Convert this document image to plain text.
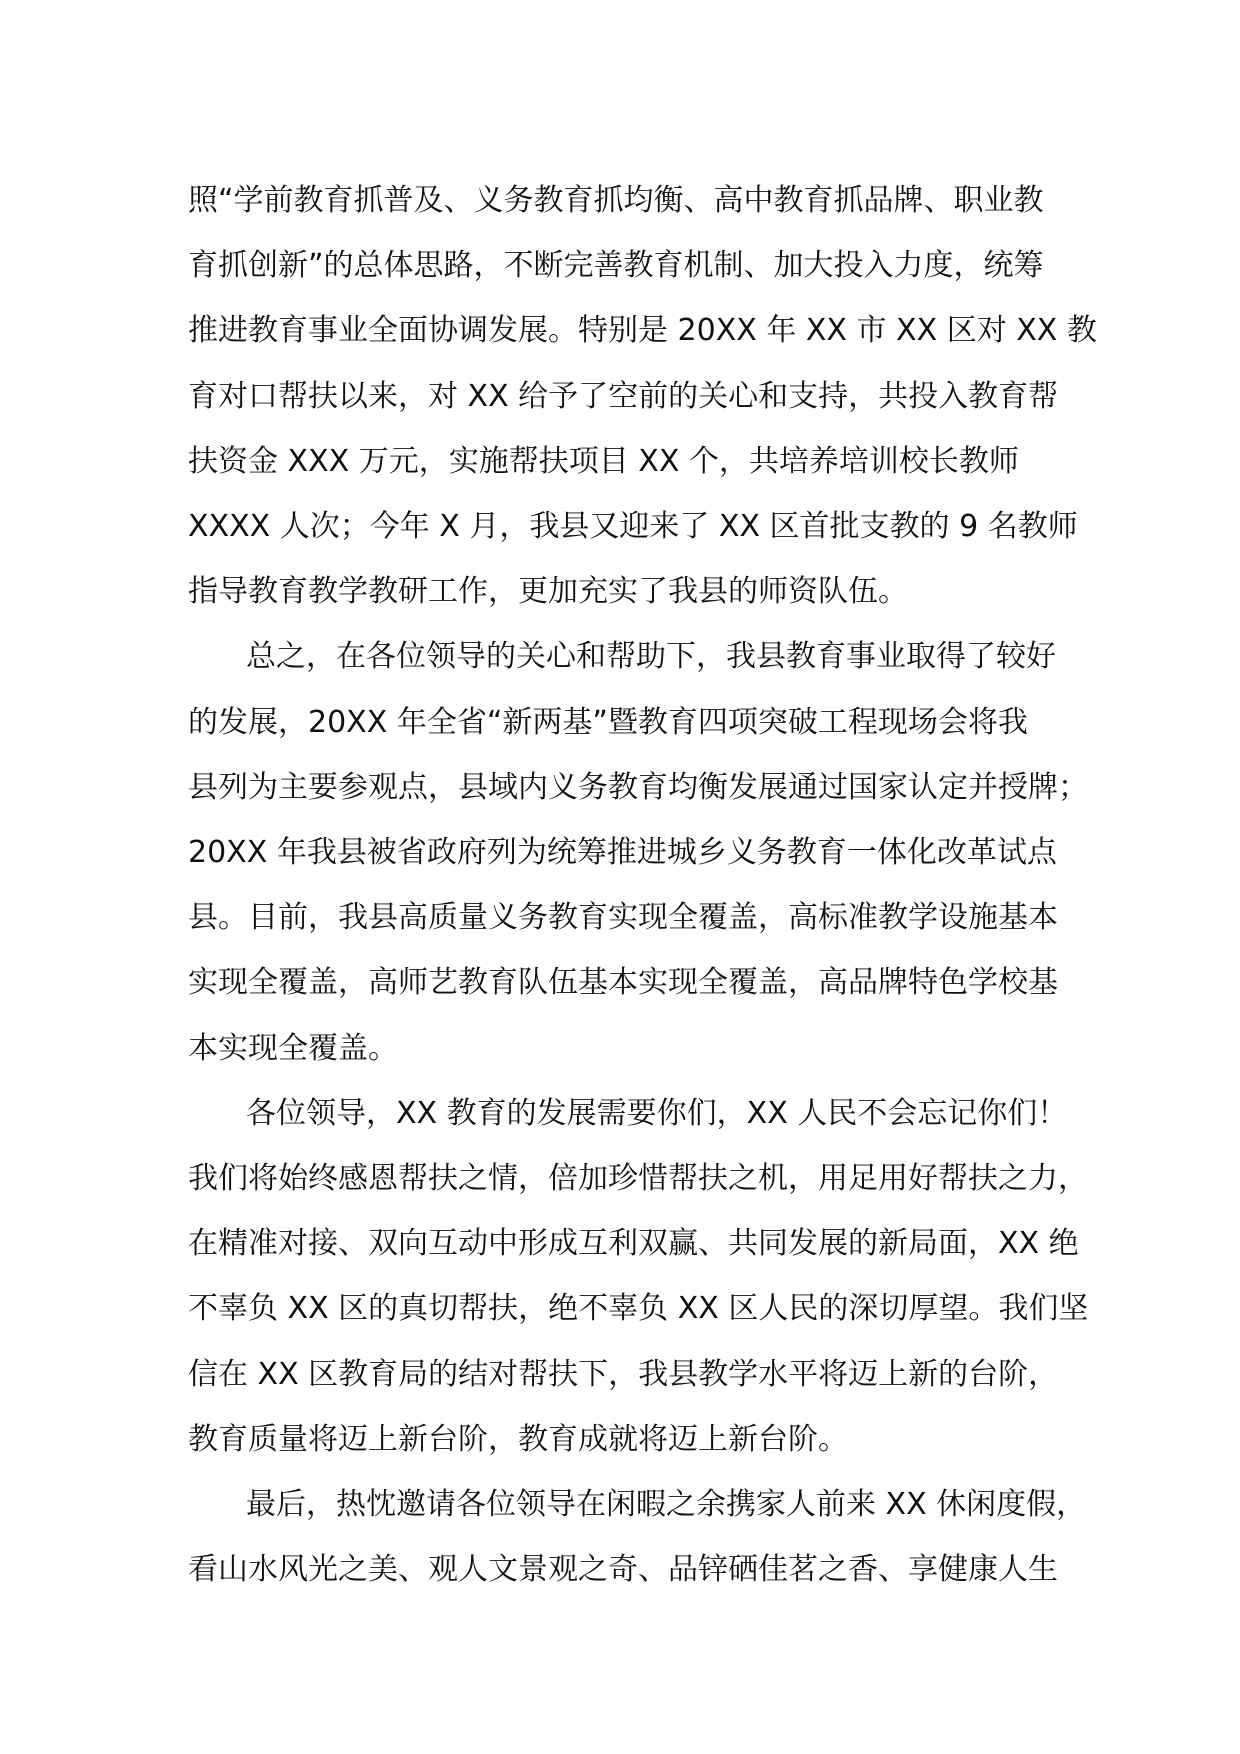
照“学前教育抓普及、义务教育抓均衡、高中教育抓品牌、职业教
育抓创新”的总体思路，不断完善教育机制、加大投入力度，统筹
推进教育事业全面协调发展。特别是 20XX 年 XX 市 XX 区对 XX 教
育对口帮扶以来，对 XX 给予了空前的关心和支持，共投入教育帮
扶资金 XXX 万元，实施帮扶项目 XX 个，共培养培训校长教师
XXXX 人次；今年 X 月，我县又迎来了 XX 区首批支教的 9 名教师
指导教育教学教研工作，更加充实了我县的师资队伍。
总之，在各位领导的关心和帮助下，我县教育事业取得了较好
的发展，20XX 年全省“新两基”暨教育四项突破工程现场会将我
县列为主要参观点，县域内义务教育均衡发展通过国家认定并授牌；
20XX 年我县被省政府列为统筹推进城乡义务教育一体化改革试点
县。目前，我县高质量义务教育实现全覆盖，高标准教学设施基本
实现全覆盖，高师艺教育队伍基本实现全覆盖，高品牌特色学校基
本实现全覆盖。
各位领导，XX 教育的发展需要你们，XX 人民不会忘记你们！
我们将始终感恩帮扶之情，倍加珍惜帮扶之机，用足用好帮扶之力，
在精准对接、双向互动中形成互利双赢、共同发展的新局面，XX 绝
不辜负 XX 区的真切帮扶，绝不辜负 XX 区人民的深切厚望。我们坚
信在 XX 区教育局的结对帮扶下，我县教学水平将迈上新的台阶，
教育质量将迈上新台阶，教育成就将迈上新台阶。
最后，热忱邀请各位领导在闲暇之余携家人前来 XX 休闲度假，
看山水风光之美、观人文景观之奇、品锌硒佳茗之香、享健康人生
